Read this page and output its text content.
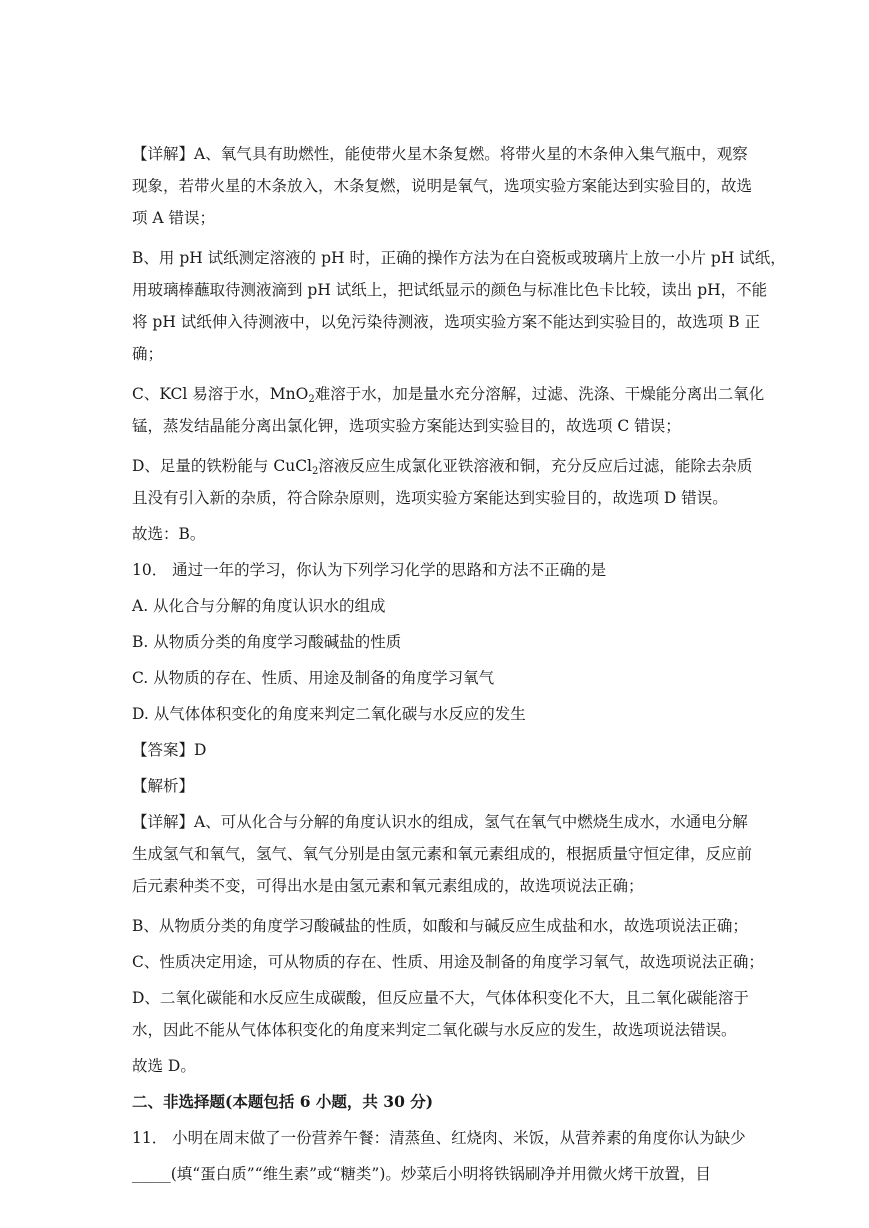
【详解】A、氧气具有助燃性，能使带火星木条复燃。将带火星的木条伸入集气瓶中，观察
现象，若带火星的木条放入，木条复燃，说明是氧气，选项实验方案能达到实验目的，故选
项 A 错误；
B、用 pH 试纸测定溶液的 pH 时，正确的操作方法为在白瓷板或玻璃片上放一小片 pH 试纸，
用玻璃棒蘸取待测液滴到 pH 试纸上，把试纸显示的颜色与标准比色卡比较，读出 pH，不能
将 pH 试纸伸入待测液中，以免污染待测液，选项实验方案不能达到实验目的，故选项 B 正
确；
C、KCl 易溶于水，MnO$_2$难溶于水，加是量水充分溶解，过滤、洗涤、干燥能分离出二氧化
锰，蒸发结晶能分离出氯化钾，选项实验方案能达到实验目的，故选项 C 错误；
D、足量的铁粉能与 CuCl$_2$溶液反应生成氯化亚铁溶液和铜，充分反应后过滤，能除去杂质
且没有引入新的杂质，符合除杂原则，选项实验方案能达到实验目的，故选项 D 错误。
故选：B。
10． 通过一年的学习，你认为下列学习化学的思路和方法不正确的是
A. 从化合与分解的角度认识水的组成
B. 从物质分类的角度学习酸碱盐的性质
C. 从物质的存在、性质、用途及制备的角度学习氧气
D. 从气体体积变化的角度来判定二氧化碳与水反应的发生
【答案】D
【解析】
【详解】A、可从化合与分解的角度认识水的组成，氢气在氧气中燃烧生成水，水通电分解
生成氢气和氧气，氢气、氧气分别是由氢元素和氧元素组成的，根据质量守恒定律，反应前
后元素种类不变，可得出水是由氢元素和氧元素组成的，故选项说法正确；
B、从物质分类的角度学习酸碱盐的性质，如酸和与碱反应生成盐和水，故选项说法正确；
C、性质决定用途，可从物质的存在、性质、用途及制备的角度学习氧气，故选项说法正确；
D、二氧化碳能和水反应生成碳酸，但反应量不大，气体体积变化不大，且二氧化碳能溶于
水，因此不能从气体体积变化的角度来判定二氧化碳与水反应的发生，故选项说法错误。
故选 D。
二、非选择题(本题包括 6 小题，共 30 分)
11． 小明在周末做了一份营养午餐：清蒸鱼、红烧肉、米饭，从营养素的角度你认为缺少
_____(填“蛋白质”“维生素”或“糖类”)。炒菜后小明将铁锅刷净并用微火烤干放置，目
